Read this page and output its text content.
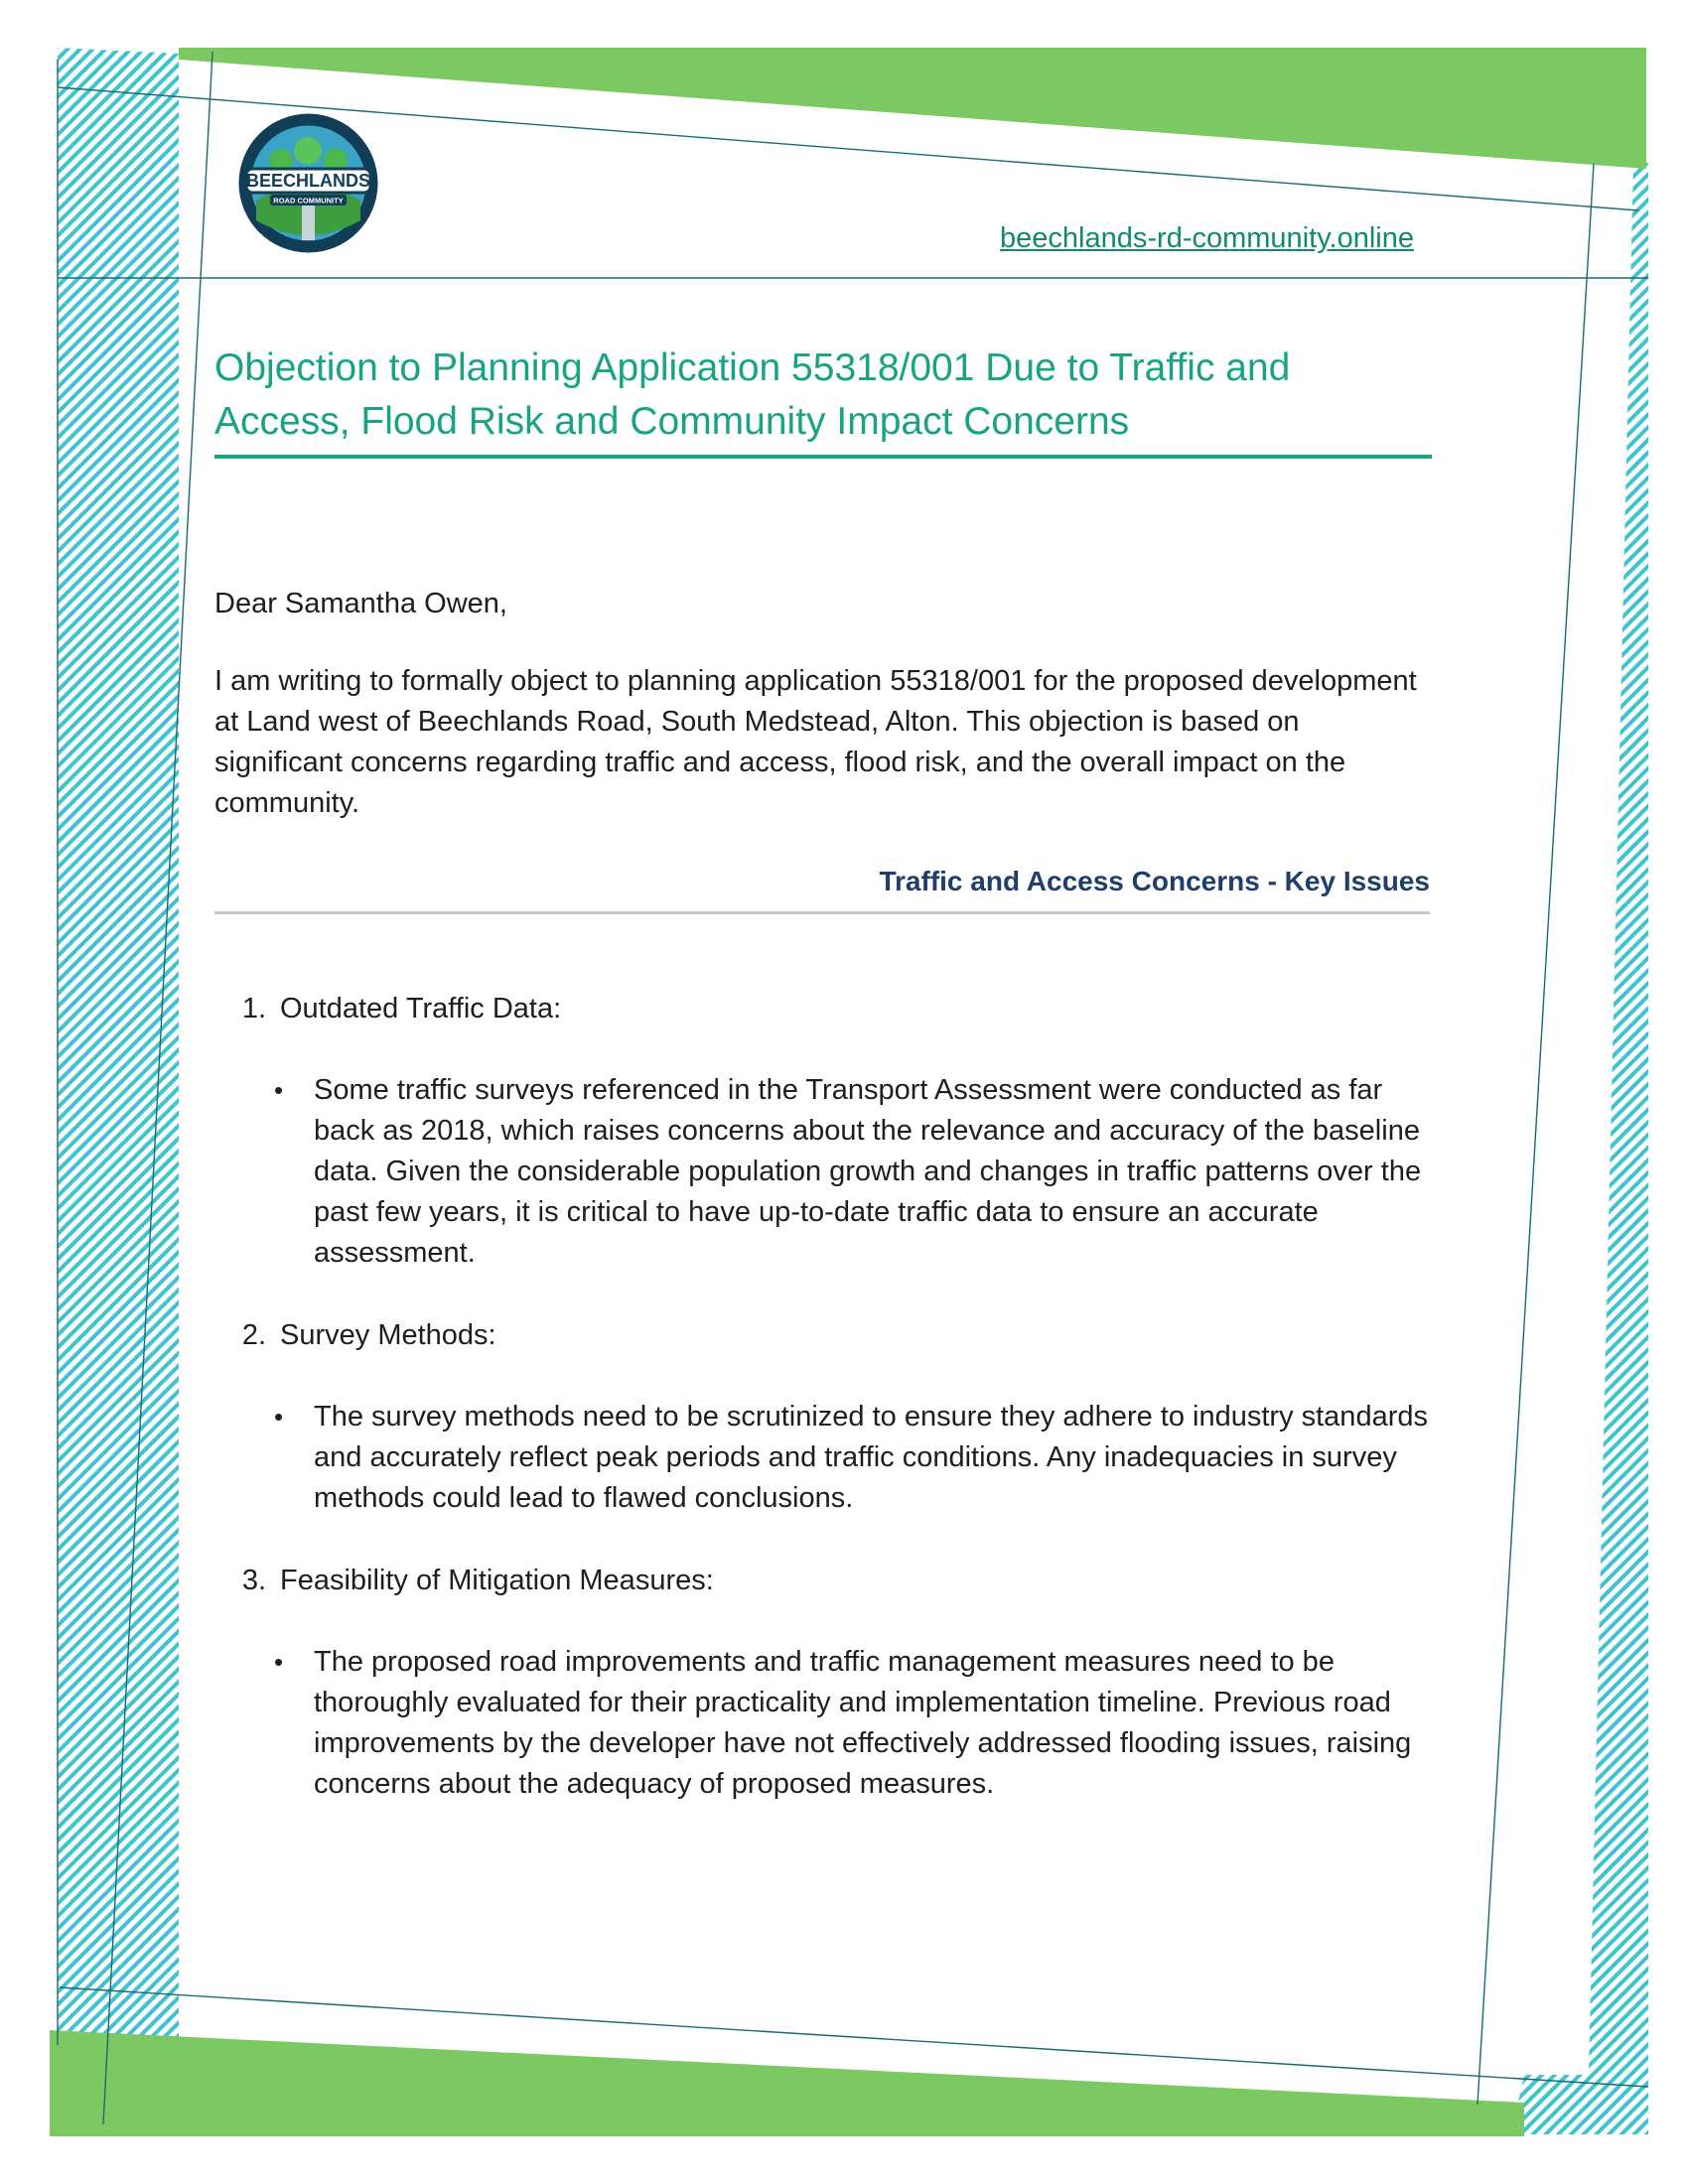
BEECHLANDS
ROAD COMMUNITY
beechlands-rd-community.online
Objection to Planning Application 55318/001 Due to Traffic and Access, Flood Risk and Community Impact Concerns

Dear Samantha Owen,

I am writing to formally object to planning application 55318/001 for the proposed development at Land west of Beechlands Road, South Medstead, Alton. This objection is based on significant concerns regarding traffic and access, flood risk, and the overall impact on the community.

Traffic and Access Concerns - Key Issues
1. Outdated Traffic Data:

• Some traffic surveys referenced in the Transport Assessment were conducted as far back as 2018, which raises concerns about the relevance and accuracy of the baseline data. Given the considerable population growth and changes in traffic patterns over the past few years, it is critical to have up-to-date traffic data to ensure an accurate assessment.

2. Survey Methods:

• The survey methods need to be scrutinized to ensure they adhere to industry standards and accurately reflect peak periods and traffic conditions. Any inadequacies in survey methods could lead to flawed conclusions.

3. Feasibility of Mitigation Measures:

• The proposed road improvements and traffic management measures need to be thoroughly evaluated for their practicality and implementation timeline. Previous road improvements by the developer have not effectively addressed flooding issues, raising concerns about the adequacy of proposed measures.
